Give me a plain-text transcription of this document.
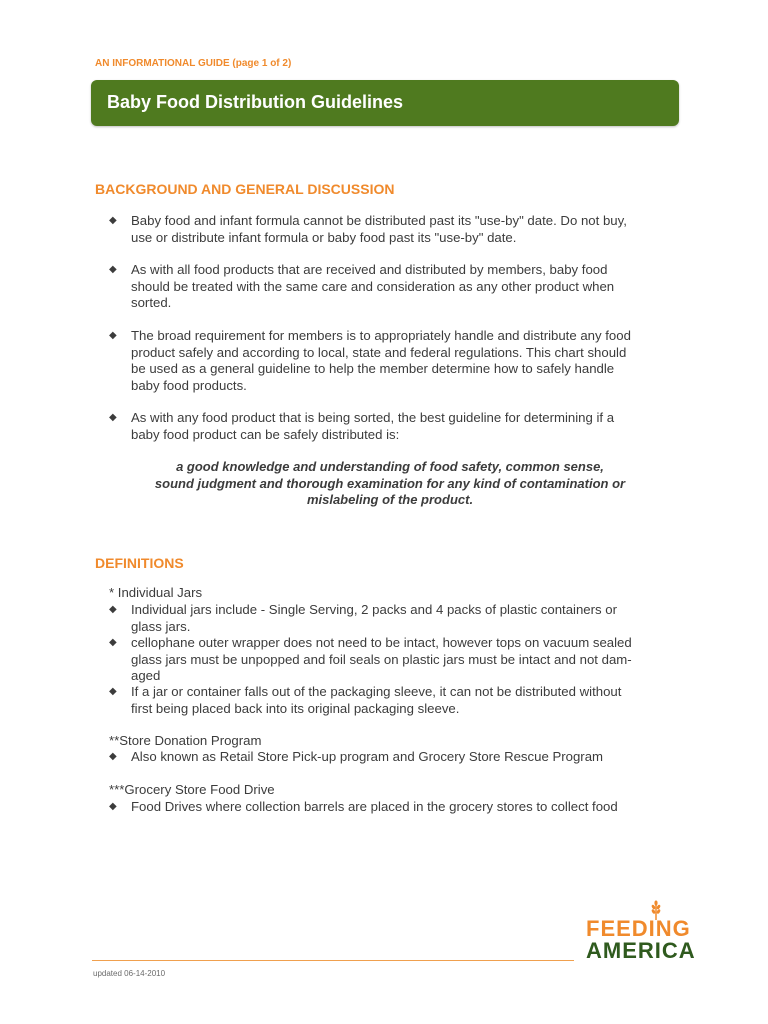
AN INFORMATIONAL GUIDE (page 1 of 2)
Baby Food Distribution Guidelines
BACKGROUND AND GENERAL DISCUSSION
◆ Baby food and infant formula cannot be distributed past its "use-by" date. Do not buy,
use or distribute infant formula or baby food past its "use-by" date.
◆ As with all food products that are received and distributed by members, baby food
should be treated with the same care and consideration as any other product when
sorted.
◆ The broad requirement for members is to appropriately handle and distribute any food
product safely and according to local, state and federal regulations. This chart should
be used as a general guideline to help the member determine how to safely handle
baby food products.
◆ As with any food product that is being sorted, the best guideline for determining if a
baby food product can be safely distributed is:
a good knowledge and understanding of food safety, common sense,
sound judgment and thorough examination for any kind of contamination or
mislabeling of the product.
DEFINITIONS
* Individual Jars
◆ Individual jars include - Single Serving, 2 packs and 4 packs of plastic containers or
glass jars.
◆ cellophane outer wrapper does not need to be intact, however tops on vacuum sealed
glass jars must be unpopped and foil seals on plastic jars must be intact and not dam-
aged
◆ If a jar or container falls out of the packaging sleeve, it can not be distributed without
first being placed back into its original packaging sleeve.
**Store Donation Program
◆ Also known as Retail Store Pick-up program and Grocery Store Rescue Program
***Grocery Store Food Drive
◆ Food Drives where collection barrels are placed in the grocery stores to collect food
FEEDING
AMERICA
updated 06-14-2010
